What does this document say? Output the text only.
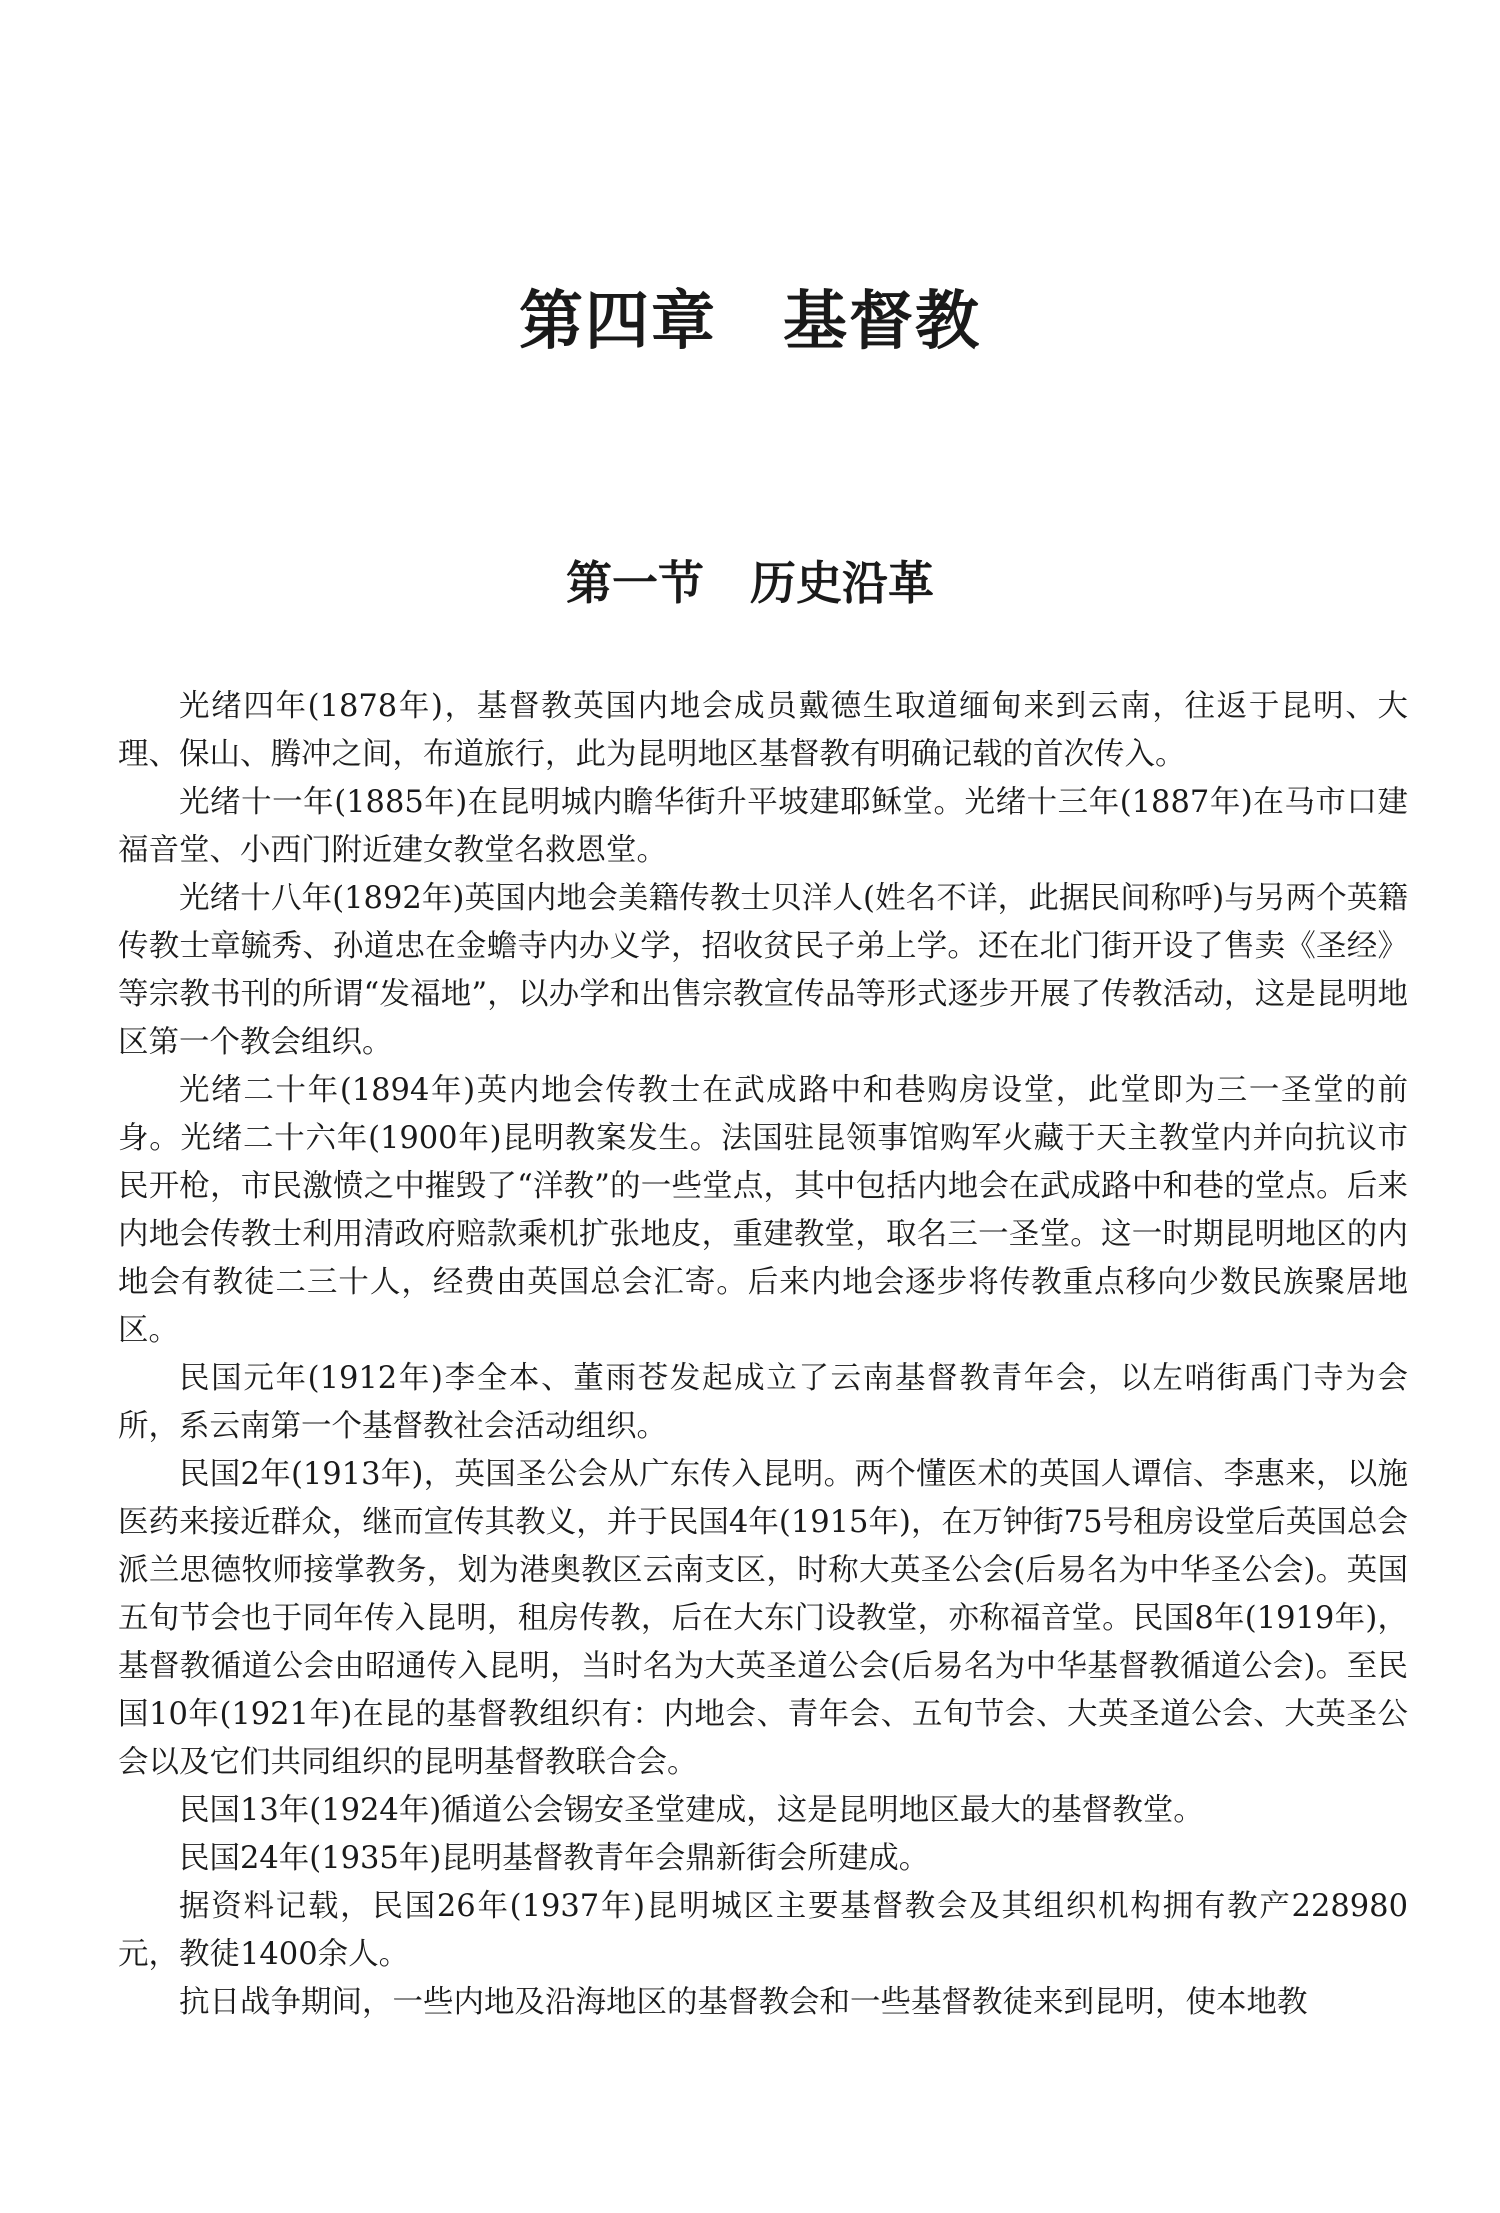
第四章　基督教
第一节　历史沿革

光绪四年(1878年)，基督教英国内地会成员戴德生取道缅甸来到云南，往返于昆明、大理、保山、腾冲之间，布道旅行，此为昆明地区基督教有明确记载的首次传入。

光绪十一年(1885年)在昆明城内瞻华街升平坡建耶稣堂。光绪十三年(1887年)在马市口建福音堂、小西门附近建女教堂名救恩堂。

光绪十八年(1892年)英国内地会美籍传教士贝洋人(姓名不详，此据民间称呼)与另两个英籍传教士章毓秀、孙道忠在金蟾寺内办义学，招收贫民子弟上学。还在北门街开设了售卖《圣经》等宗教书刊的所谓“发福地”，以办学和出售宗教宣传品等形式逐步开展了传教活动，这是昆明地区第一个教会组织。

光绪二十年(1894年)英内地会传教士在武成路中和巷购房设堂，此堂即为三一圣堂的前身。光绪二十六年(1900年)昆明教案发生。法国驻昆领事馆购军火藏于天主教堂内并向抗议市民开枪，市民激愤之中摧毁了“洋教”的一些堂点，其中包括内地会在武成路中和巷的堂点。后来内地会传教士利用清政府赔款乘机扩张地皮，重建教堂，取名三一圣堂。这一时期昆明地区的内地会有教徒二三十人，经费由英国总会汇寄。后来内地会逐步将传教重点移向少数民族聚居地区。

民国元年(1912年)李全本、董雨苍发起成立了云南基督教青年会，以左哨街禹门寺为会所，系云南第一个基督教社会活动组织。

民国2年(1913年)，英国圣公会从广东传入昆明。两个懂医术的英国人谭信、李惠来，以施医药来接近群众，继而宣传其教义，并于民国4年(1915年)，在万钟街75号租房设堂后英国总会派兰思德牧师接掌教务，划为港奥教区云南支区，时称大英圣公会(后易名为中华圣公会)。英国五旬节会也于同年传入昆明，租房传教，后在大东门设教堂，亦称福音堂。民国8年(1919年)，基督教循道公会由昭通传入昆明，当时名为大英圣道公会(后易名为中华基督教循道公会)。至民国10年(1921年)在昆的基督教组织有：内地会、青年会、五旬节会、大英圣道公会、大英圣公会以及它们共同组织的昆明基督教联合会。

民国13年(1924年)循道公会锡安圣堂建成，这是昆明地区最大的基督教堂。

民国24年(1935年)昆明基督教青年会鼎新街会所建成。

据资料记载，民国26年(1937年)昆明城区主要基督教会及其组织机构拥有教产228980元，教徒1400余人。

抗日战争期间，一些内地及沿海地区的基督教会和一些基督教徒来到昆明，使本地教
